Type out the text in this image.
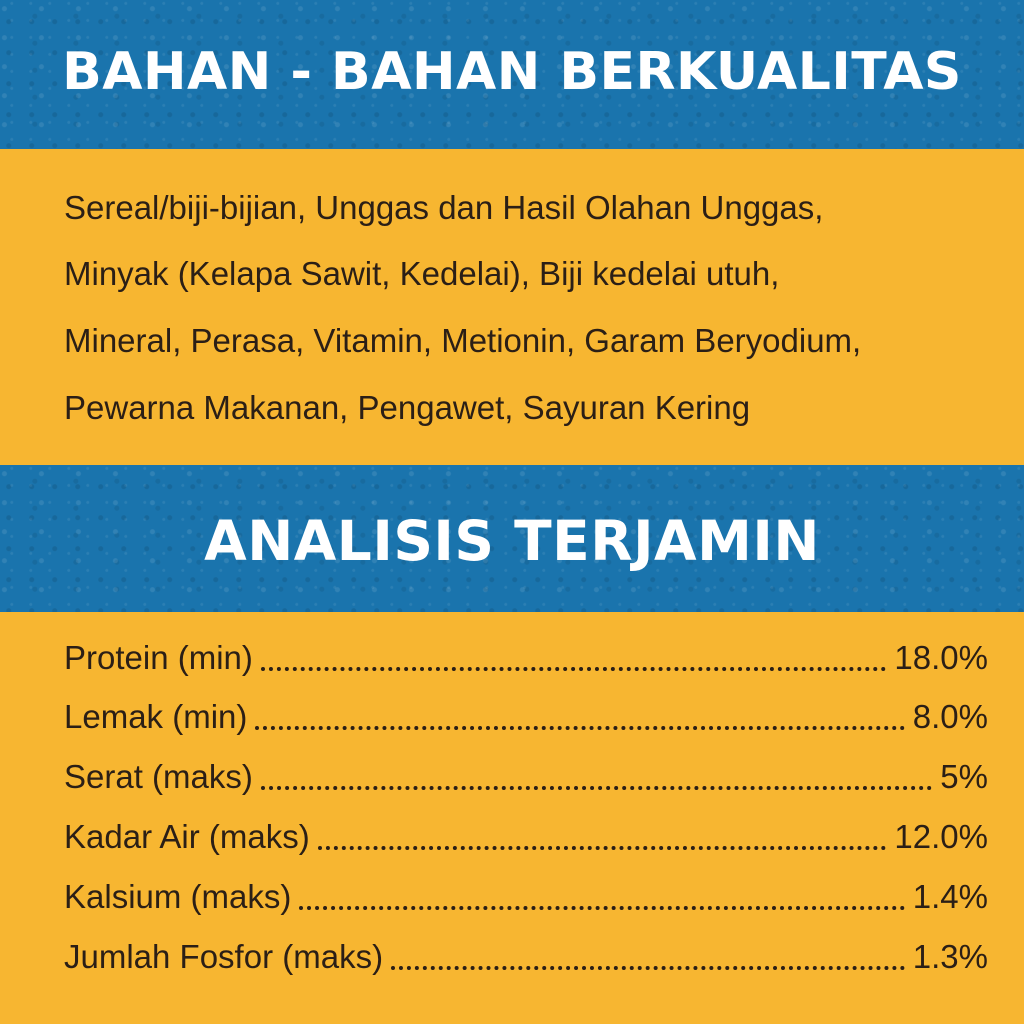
BAHAN - BAHAN BERKUALITAS
Sereal/biji-bijian, Unggas dan Hasil Olahan Unggas,
Minyak (Kelapa Sawit, Kedelai), Biji kedelai utuh,
Mineral, Perasa, Vitamin, Metionin, Garam Beryodium,
Pewarna Makanan, Pengawet, Sayuran Kering
ANALISIS TERJAMIN
Protein (min)	18.0%
Lemak (min)	8.0%
Serat (maks)	5%
Kadar Air (maks)	12.0%
Kalsium (maks)	1.4%
Jumlah Fosfor (maks)	1.3%
